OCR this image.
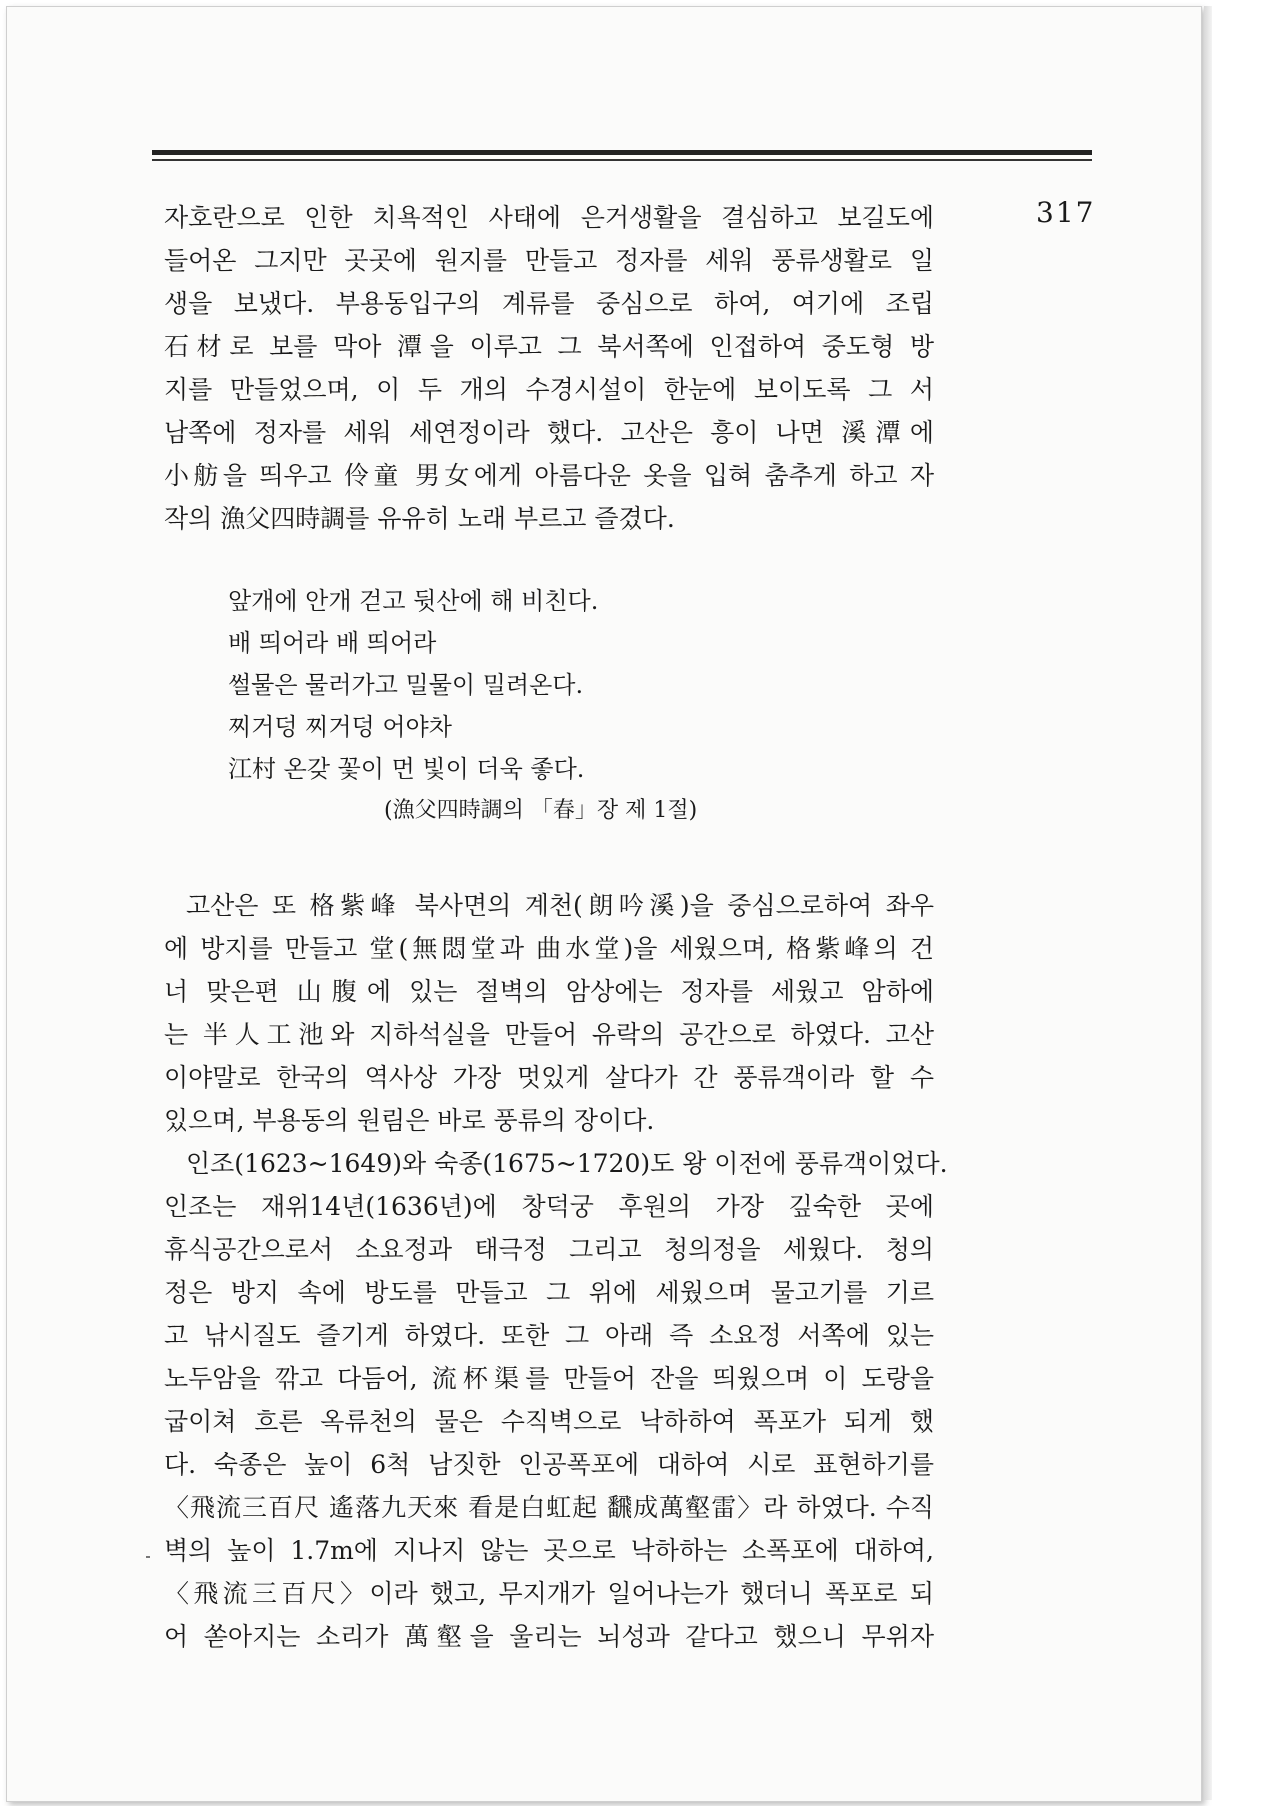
317
자호란으로 인한 치욕적인 사태에 은거생활을 결심하고 보길도에
들어온 그지만 곳곳에 원지를 만들고 정자를 세워 풍류생활로 일
생을 보냈다. 부용동입구의 계류를 중심으로 하여, 여기에 조립
石材로 보를 막아 潭을 이루고 그 북서쪽에 인접하여 중도형 방
지를 만들었으며, 이 두 개의 수경시설이 한눈에 보이도록 그 서
남쪽에 정자를 세워 세연정이라 했다. 고산은 흥이 나면 溪潭에
小舫을 띄우고 伶童 男女에게 아름다운 옷을 입혀 춤추게 하고 자
작의 漁父四時調를 유유히 노래 부르고 즐겼다.
앞개에 안개 걷고 뒷산에 해 비친다.
배 띄어라 배 띄어라
썰물은 물러가고 밀물이 밀려온다.
찌거덩 찌거덩 어야차
江村 온갖 꽃이 먼 빛이 더욱 좋다.
(漁父四時調의 「春」장 제 1절)
고산은 또 格紫峰 북사면의 계천(朗吟溪)을 중심으로하여 좌우
에 방지를 만들고 堂(無悶堂과 曲水堂)을 세웠으며, 格紫峰의 건
너 맞은편 山腹에 있는 절벽의 암상에는 정자를 세웠고 암하에
는 半人工池와 지하석실을 만들어 유락의 공간으로 하였다. 고산
이야말로 한국의 역사상 가장 멋있게 살다가 간 풍류객이라 할 수
있으며, 부용동의 원림은 바로 풍류의 장이다.
인조(1623~1649)와 숙종(1675~1720)도 왕 이전에 풍류객이었다.
인조는 재위14년(1636년)에 창덕궁 후원의 가장 깊숙한 곳에
휴식공간으로서 소요정과 태극정 그리고 청의정을 세웠다. 청의
정은 방지 속에 방도를 만들고 그 위에 세웠으며 물고기를 기르
고 낚시질도 즐기게 하였다. 또한 그 아래 즉 소요정 서쪽에 있는
노두암을 깎고 다듬어, 流杯渠를 만들어 잔을 띄웠으며 이 도랑을
굽이쳐 흐른 옥류천의 물은 수직벽으로 낙하하여 폭포가 되게 했
다. 숙종은 높이 6척 남짓한 인공폭포에 대하여 시로 표현하기를
〈飛流三百尺 遙落九天來 看是白虹起 飜成萬壑雷〉라 하였다. 수직
벽의 높이 1.7m에 지나지 않는 곳으로 낙하하는 소폭포에 대하여,
〈飛流三百尺〉이라 했고, 무지개가 일어나는가 했더니 폭포로 되
어 쏟아지는 소리가 萬壑을 울리는 뇌성과 같다고 했으니 무위자
